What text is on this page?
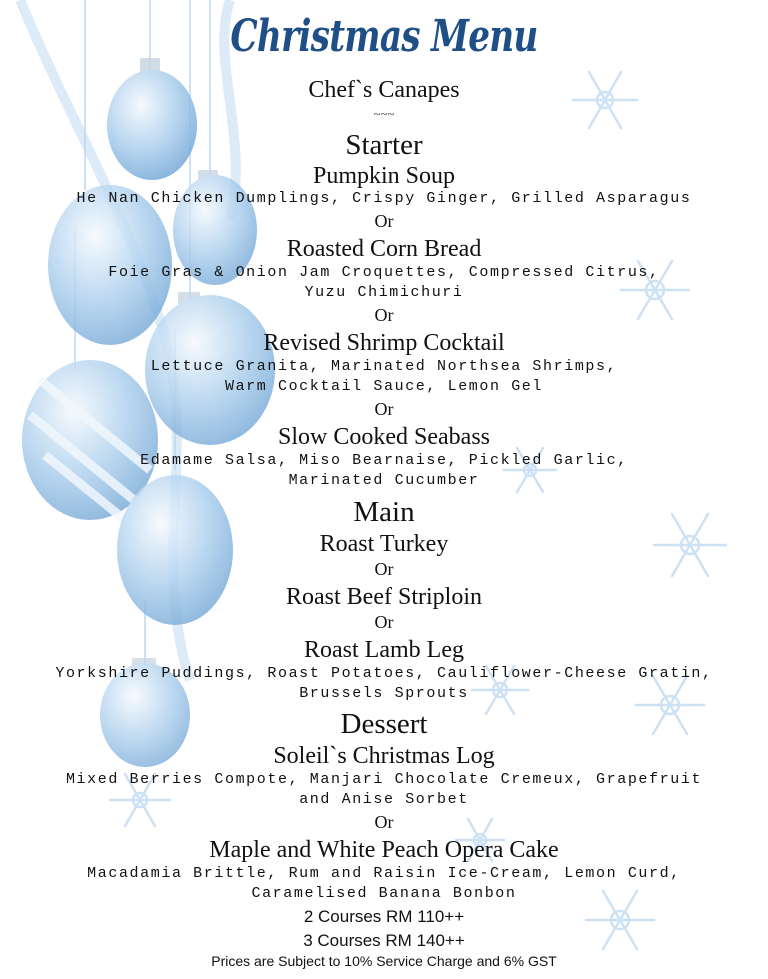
Christmas Menu
Chef`s Canapes
~~~
Starter
Pumpkin Soup
He Nan Chicken Dumplings, Crispy Ginger, Grilled Asparagus
Or
Roasted Corn Bread
Foie Gras & Onion Jam Croquettes, Compressed Citrus,
Yuzu Chimichuri
Or
Revised Shrimp Cocktail
Lettuce Granita, Marinated Northsea Shrimps,
Warm Cocktail Sauce, Lemon Gel
Or
Slow Cooked Seabass
Edamame Salsa, Miso Bearnaise, Pickled Garlic,
Marinated Cucumber
Main
Roast Turkey
Or
Roast Beef Striploin
Or
Roast Lamb Leg
Yorkshire Puddings, Roast Potatoes, Cauliflower-Cheese Gratin,
Brussels Sprouts
Dessert
Soleil`s Christmas Log
Mixed Berries Compote, Manjari Chocolate Cremeux, Grapefruit
and Anise Sorbet
Or
Maple and White Peach Opera Cake
Macadamia Brittle, Rum and Raisin Ice-Cream, Lemon Curd,
Caramelised Banana Bonbon
2 Courses RM 110++
3 Courses RM 140++
Prices are Subject to 10% Service Charge and 6% GST
